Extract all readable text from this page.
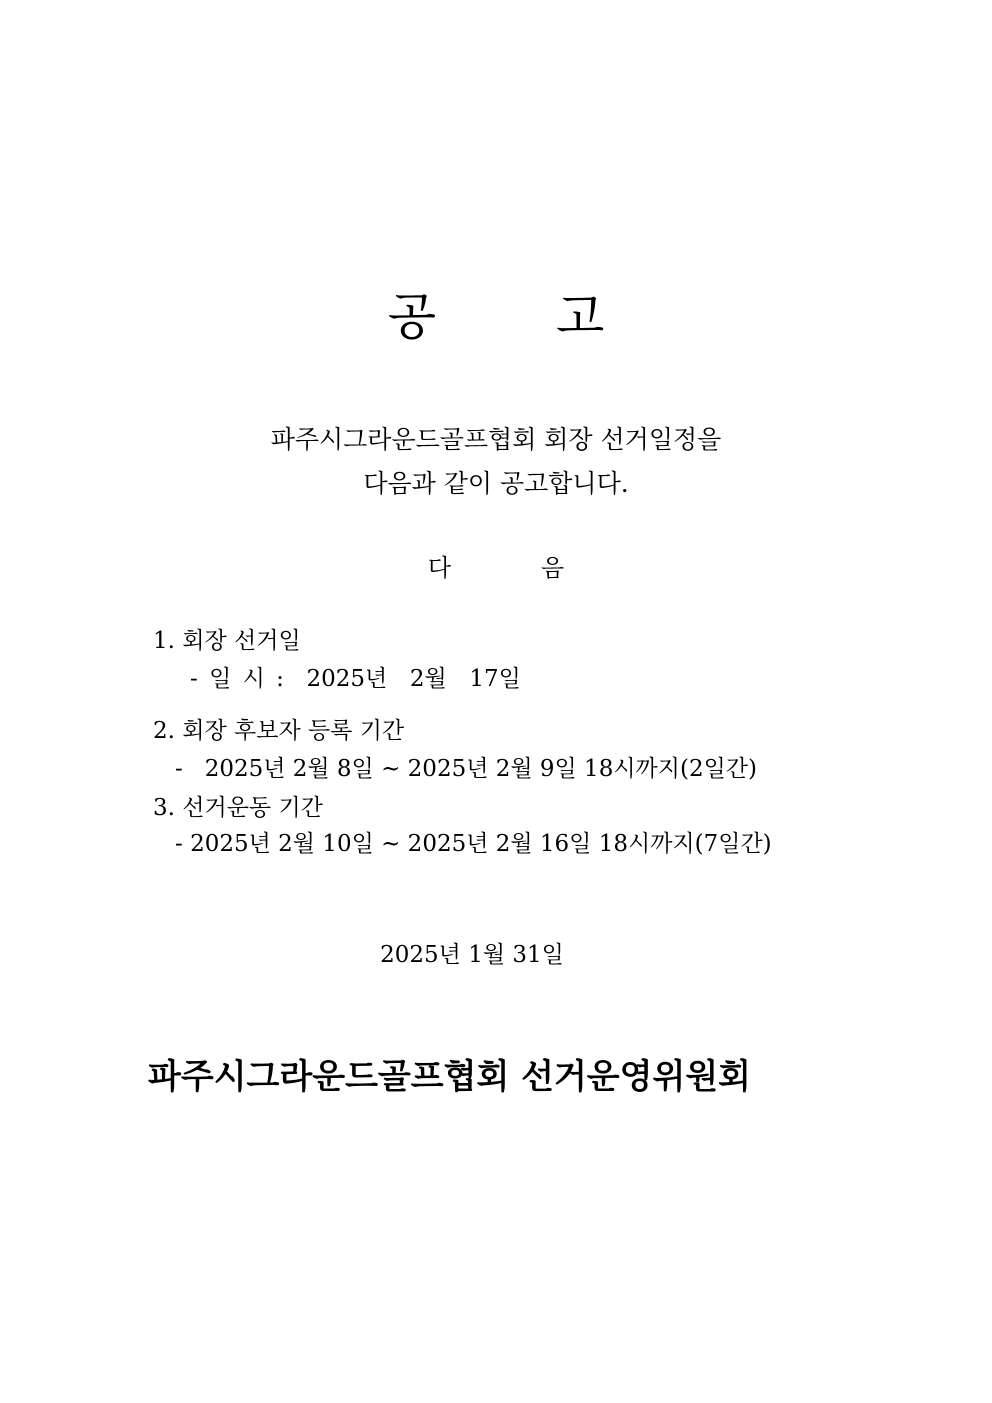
공 고
파주시그라운드골프협회 회장 선거일정을
다음과 같이 공고합니다.
다	음
1. 회장 선거일
- 일 시 :  2025년  2월  17일
2. 회장 후보자 등록 기간
-   2025년 2월 8일 ~ 2025년 2월 9일 18시까지(2일간)
3. 선거운동 기간
- 2025년 2월 10일 ~ 2025년 2월 16일 18시까지(7일간)
2025년 1월 31일
파주시그라운드골프협회 선거운영위원회
